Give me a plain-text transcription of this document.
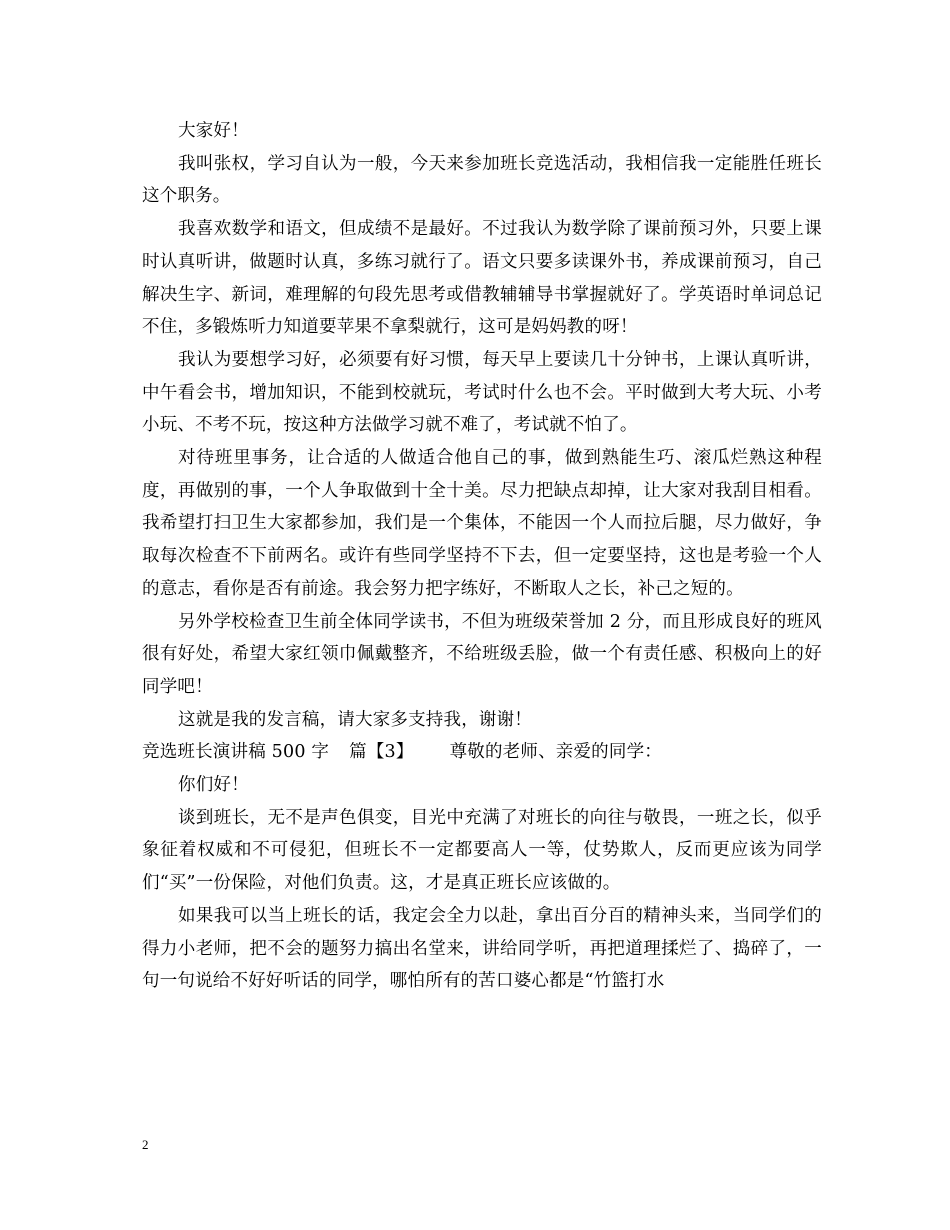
大家好！

我叫张权，学习自认为一般，今天来参加班长竞选活动，我相信我一定能胜任班长这个职务。

我喜欢数学和语文，但成绩不是最好。不过我认为数学除了课前预习外，只要上课时认真听讲，做题时认真，多练习就行了。语文只要多读课外书，养成课前预习，自己解决生字、新词，难理解的句段先思考或借教辅辅导书掌握就好了。学英语时单词总记不住，多锻炼听力知道要苹果不拿梨就行，这可是妈妈教的呀！

我认为要想学习好，必须要有好习惯，每天早上要读几十分钟书，上课认真听讲，中午看会书，增加知识，不能到校就玩，考试时什么也不会。平时做到大考大玩、小考小玩、不考不玩，按这种方法做学习就不难了，考试就不怕了。

对待班里事务，让合适的人做适合他自己的事，做到熟能生巧、滚瓜烂熟这种程度，再做别的事，一个人争取做到十全十美。尽力把缺点却掉，让大家对我刮目相看。我希望打扫卫生大家都参加，我们是一个集体，不能因一个人而拉后腿，尽力做好，争取每次检查不下前两名。或许有些同学坚持不下去，但一定要坚持，这也是考验一个人的意志，看你是否有前途。我会努力把字练好，不断取人之长，补己之短的。

另外学校检查卫生前全体同学读书，不但为班级荣誉加 2 分，而且形成良好的班风很有好处，希望大家红领巾佩戴整齐，不给班级丢脸，做一个有责任感、积极向上的好同学吧！

这就是我的发言稿，请大家多支持我，谢谢！

竞选班长演讲稿 500 字 篇【3】 尊敬的老师、亲爱的同学：

你们好！

谈到班长，无不是声色俱变，目光中充满了对班长的向往与敬畏，一班之长，似乎象征着权威和不可侵犯，但班长不一定都要高人一等，仗势欺人，反而更应该为同学们“买”一份保险，对他们负责。这，才是真正班长应该做的。

如果我可以当上班长的话，我定会全力以赴，拿出百分百的精神头来，当同学们的得力小老师，把不会的题努力搞出名堂来，讲给同学听，再把道理揉烂了、捣碎了，一句一句说给不好好听话的同学，哪怕所有的苦口婆心都是“竹篮打水

2
